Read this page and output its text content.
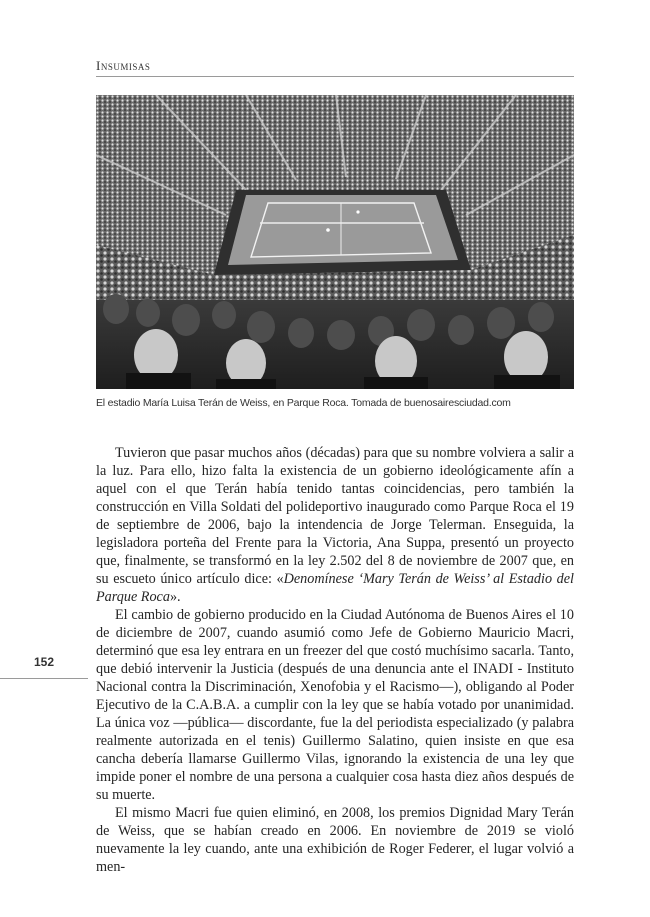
Insumisas
El estadio María Luisa Terán de Weiss, en Parque Roca. Tomada de buenosairesciudad.com

Tuvieron que pasar muchos años (décadas) para que su nombre volviera a salir a la luz. Para ello, hizo falta la existencia de un gobierno ideológicamente afín a aquel con el que Terán había tenido tantas coincidencias, pero también la construcción en Villa Soldati del polideportivo inaugurado como Parque Roca el 19 de septiembre de 2006, bajo la intendencia de Jorge Telerman. Enseguida, la legisladora porteña del Frente para la Victoria, Ana Suppa, presentó un proyecto que, finalmente, se transformó en la ley 2.502 del 8 de noviembre de 2007 que, en su escueto único artículo dice: «Denomínese ‘Mary Terán de Weiss’ al Estadio del Parque Roca».

El cambio de gobierno producido en la Ciudad Autónoma de Buenos Aires el 10 de diciembre de 2007, cuando asumió como Jefe de Gobierno Mauricio Macri, determinó que esa ley entrara en un freezer del que costó muchísimo sacarla. Tanto, que debió intervenir la Justicia (después de una denuncia ante el INADI - Instituto Nacional contra la Discriminación, Xenofobia y el Racismo—), obligando al Poder Ejecutivo de la C.A.B.A. a cumplir con la ley que se había votado por unanimidad. La única voz —pública— discordante, fue la del periodista especializado (y palabra realmente autorizada en el tenis) Guillermo Salatino, quien insiste en que esa cancha debería llamarse Guillermo Vilas, ignorando la existencia de una ley que impide poner el nombre de una persona a cualquier cosa hasta diez años después de su muerte.

El mismo Macri fue quien eliminó, en 2008, los premios Dignidad Mary Terán de Weiss, que se habían creado en 2006. En noviembre de 2019 se violó nuevamente la ley cuando, ante una exhibición de Roger Federer, el lugar volvió a men-

152
